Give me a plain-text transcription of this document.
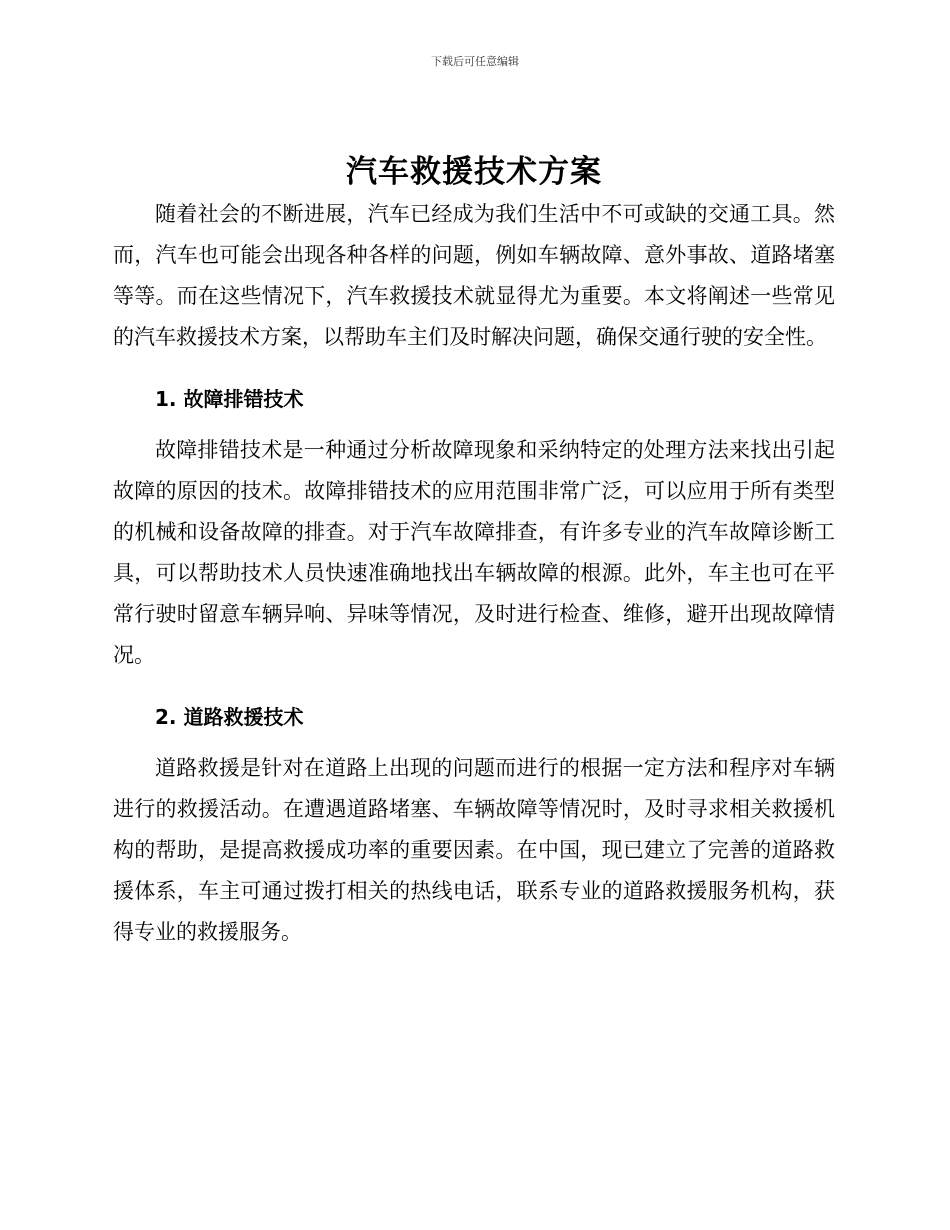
下载后可任意编辑
汽车救援技术方案

随着社会的不断进展，汽车已经成为我们生活中不可或缺的交通工具。然而，汽车也可能会出现各种各样的问题，例如车辆故障、意外事故、道路堵塞等等。而在这些情况下，汽车救援技术就显得尤为重要。本文将阐述一些常见的汽车救援技术方案，以帮助车主们及时解决问题，确保交通行驶的安全性。

1. 故障排错技术

故障排错技术是一种通过分析故障现象和采纳特定的处理方法来找出引起故障的原因的技术。故障排错技术的应用范围非常广泛，可以应用于所有类型的机械和设备故障的排查。对于汽车故障排查，有许多专业的汽车故障诊断工具，可以帮助技术人员快速准确地找出车辆故障的根源。此外，车主也可在平常行驶时留意车辆异响、异味等情况，及时进行检查、维修，避开出现故障情况。

2. 道路救援技术

道路救援是针对在道路上出现的问题而进行的根据一定方法和程序对车辆进行的救援活动。在遭遇道路堵塞、车辆故障等情况时，及时寻求相关救援机构的帮助，是提高救援成功率的重要因素。在中国，现已建立了完善的道路救援体系，车主可通过拨打相关的热线电话，联系专业的道路救援服务机构，获得专业的救援服务。
